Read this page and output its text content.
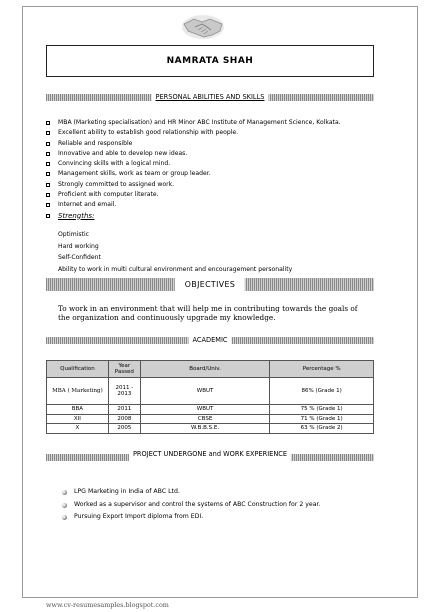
NAMRATA SHAH
PERSONAL ABILITIES AND SKILLS
MBA (Marketing specialisation) and HR Minor ABC Institute of Management Science, Kolkata.
Excellent ability to establish good relationship with people.
Reliable and responsible
Innovative and able to develop new ideas.
Convincing skills with a logical mind.
Management skills, work as team or group leader.
Strongly committed to assigned work.
Proficient with computer literate.
Internet and email.
Strengths:
Optimistic
Hard working
Self-Confident
Ability to work in multi cultural environment and encouragement personality
OBJECTIVES

To work in an environment that will help me in contributing towards the goals of the organization and continuously upgrade my knowledge.

ACADEMIC
Qualification	Year Passed	Board/Univ.	Percentage %
MBA ( Marketing)	2011 - 2013	WBUT	86% (Grade 1)
BBA	2011	WBUT	75 % (Grade 1)
XII	2008	CBSE	71 % (Grade 1)
X	2005	W.B.B.S.E.	63 % (Grade 2)
PROJECT UNDERGONE and WORK EXPERIENCE
LPG Marketing in India of ABC Ltd.
Worked as a supervisor and control the systems of ABC Construction for 2 year.
Pursuing Export Import diploma from EDI.
www.cv-resumesamples.blogspot.com
